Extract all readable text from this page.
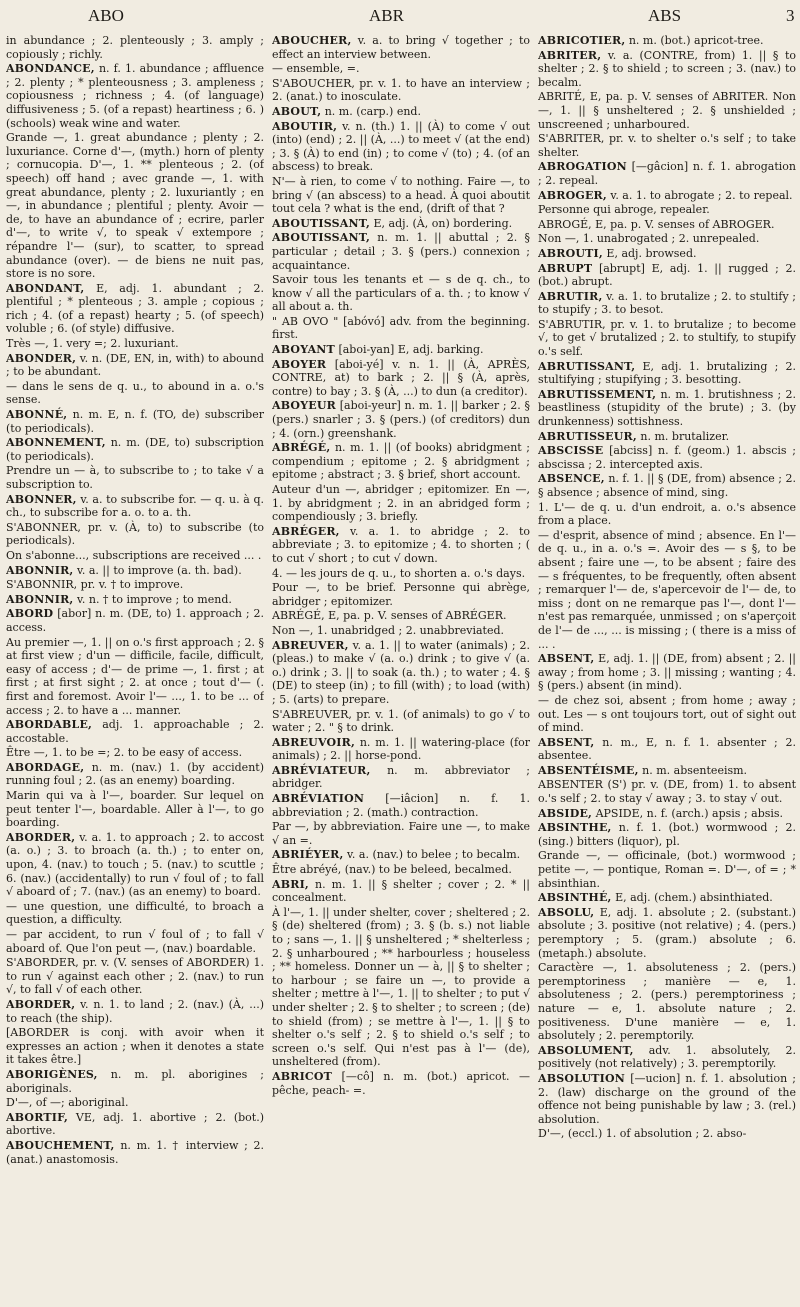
ABO	ABR	ABS	3

in abundance ; 2. plenteously ; 3. amply ; copiously ; richly.

ABONDANCE, n. f. 1. abundance ; affluence ; 2. plenty ; * plenteousness ; 3. ampleness ; copiousness ; richness ; 4. (of language) diffusiveness ; 5. (of a repast) heartiness ; 6. ) (schools) weak wine and water.

Grande —, 1. great abundance ; plenty ; 2. luxuriance. Corne d'—, (myth.) horn of plenty ; cornucopia. D'—, 1. ** plenteous ; 2. (of speech) off hand ; avec grande —, 1. with great abundance, plenty ; 2. luxuriantly ; en —, in abundance ; plentiful ; plenty. Avoir — de, to have an abundance of ; ecrire, parler d'—, to write √, to speak √ extempore ; répandre l'— (sur), to scatter, to spread abundance (over). — de biens ne nuit pas, store is no sore.

ABONDANT, E, adj. 1. abundant ; 2. plentiful ; * plenteous ; 3. ample ; copious ; rich ; 4. (of a repast) hearty ; 5. (of speech) voluble ; 6. (of style) diffusive.

Très —, 1. very =; 2. luxuriant.

ABONDER, v. n. (DE, EN, in, with) to abound ; to be abundant.

— dans le sens de q. u., to abound in a. o.'s sense.

ABONNÉ, n. m. E, n. f. (TO, de) subscriber (to periodicals).

ABONNEMENT, n. m. (DE, to) subscription (to periodicals).

Prendre un — à, to subscribe to ; to take √ a subscription to.

ABONNER, v. a. to subscribe for. — q. u. à q. ch., to subscribe for a. o. to a. th.

S'ABONNER, pr. v. (À, to) to subscribe (to periodicals).

On s'abonne..., subscriptions are received ... .

ABONNIR, v. a. || to improve (a. th. bad).

S'ABONNIR, pr. v. † to improve.

ABONNIR, v. n. † to improve ; to mend.

ABORD [abor] n. m. (DE, to) 1. approach ; 2. access.

Au premier —, 1. || on o.'s first approach ; 2. § at first view ; d'un — difficile, facile, difficult, easy of access ; d'— de prime —, 1. first ; at first ; at first sight ; 2. at once ; tout d'— (. first and foremost. Avoir l'— ..., 1. to be ... of access ; 2. to have a ... manner.

ABORDABLE, adj. 1. approachable ; 2. accostable.

Être —, 1. to be =; 2. to be easy of access.

ABORDAGE, n. m. (nav.) 1. (by accident) running foul ; 2. (as an enemy) boarding.

Marin qui va à l'—, boarder. Sur lequel on peut tenter l'—, boardable. Aller à l'—, to go boarding.

ABORDER, v. a. 1. to approach ; 2. to accost (a. o.) ; 3. to broach (a. th.) ; to enter on, upon, 4. (nav.) to touch ; 5. (nav.) to scuttle ; 6. (nav.) (accidentally) to run √ foul of ; to fall √ aboard of ; 7. (nav.) (as an enemy) to board.

— une question, une difficulté, to broach a question, a difficulty.

— par accident, to run √ foul of ; to fall √ aboard of. Que l'on peut —, (nav.) boardable.

S'ABORDER, pr. v. (V. senses of ABORDER) 1. to run √ against each other ; 2. (nav.) to run √, to fall √ of each other.

ABORDER, v. n. 1. to land ; 2. (nav.) (À, ...) to reach (the ship).

[ABORDER is conj. with avoir when it expresses an action ; when it denotes a state it takes être.]

ABORIGÈNES, n. m. pl. aborigines ; aboriginals.

D'—, of —; aboriginal.

ABORTIF, VE, adj. 1. abortive ; 2. (bot.) abortive.

ABOUCHEMENT, n. m. 1. † interview ; 2. (anat.) anastomosis.

ABOUCHER, v. a. to bring √ together ; to effect an interview between.

— ensemble, =.

S'ABOUCHER, pr. v. 1. to have an interview ; 2. (anat.) to inosculate.

ABOUT, n. m. (carp.) end.

ABOUTIR, v. n. (th.) 1. || (À) to come √ out (into) (end) ; 2. || (À, ...) to meet √ (at the end) ; 3. § (À) to end (in) ; to come √ (to) ; 4. (of an abscess) to break.

N'— à rien, to come √ to nothing. Faire —, to bring √ (an abscess) to a head. À quoi aboutit tout cela ? what is the end, (drift of that ?

ABOUTISSANT, E, adj. (À, on) bordering.

ABOUTISSANT, n. m. 1. || abuttal ; 2. § particular ; detail ; 3. § (pers.) connexion ; acquaintance.

Savoir tous les tenants et — s de q. ch., to know √ all the particulars of a. th. ; to know √ all about a. th.

" AB OVO " [abóvó] adv. from the beginning. first.

ABOYANT [aboi-yan] E, adj. barking.

ABOYER [aboi-yé] v. n. 1. || (À, APRÈS, CONTRE, at) to bark ; 2. || § (À, après, contre) to bay ; 3. § (À, ...) to dun (a creditor).

ABOYEUR [aboi-yeur] n. m. 1. || barker ; 2. § (pers.) snarler ; 3. § (pers.) (of creditors) dun ; 4. (orn.) greenshank.

ABRÉGÉ, n. m. 1. || (of books) abridgment ; compendium ; epitome ; 2. § abridgment ; epitome ; abstract ; 3. § brief, short account.

Auteur d'un —, abridger ; epitomizer. En —, 1. by abridgment ; 2. in an abridged form ; compendiously ; 3. briefly.

ABRÉGER, v. a. 1. to abridge ; 2. to abbreviate ; 3. to epitomize ; 4. to shorten ; ( to cut √ short ; to cut √ down.

4. — les jours de q. u., to shorten a. o.'s days.

Pour —, to be brief. Personne qui abrège, abridger ; epitomizer.

ABRÉGÉ, E, pa. p. V. senses of ABRÉGER.

Non —, 1. unabridged ; 2. unabbreviated.

ABREUVER, v. a. 1. || to water (animals) ; 2. (pleas.) to make √ (a. o.) drink ; to give √ (a. o.) drink ; 3. || to soak (a. th.) ; to water ; 4. § (DE) to steep (in) ; to fill (with) ; to load (with) ; 5. (arts) to prepare.

S'ABREUVER, pr. v. 1. (of animals) to go √ to water ; 2. " § to drink.

ABREUVOIR, n. m. 1. || watering-place (for animals) ; 2. || horse-pond.

ABRÉVIATEUR, n. m. abbreviator ; abridger.

ABRÉVIATION [—iâcion] n. f. 1. abbreviation ; 2. (math.) contraction.

Par —, by abbreviation. Faire une —, to make √ an =.

ABRIÉYER, v. a. (nav.) to belee ; to becalm.

Être abréyé, (nav.) to be beleed, becalmed.

ABRI, n. m. 1. || § shelter ; cover ; 2. * || concealment.

À l'—, 1. || under shelter, cover ; sheltered ; 2. § (de) sheltered (from) ; 3. § (b. s.) not liable to ; sans —, 1. || § unsheltered ; * shelterless ; 2. § unharboured ; ** harbourless ; houseless ; ** homeless. Donner un — à, || § to shelter ; to harbour ; se faire un —, to provide a shelter ; mettre à l'—, 1. || to shelter ; to put √ under shelter ; 2. § to shelter ; to screen ; (de) to shield (from) ; se mettre à l'—, 1. || § to shelter o.'s self ; 2. § to shield o.'s self ; to screen o.'s self. Qui n'est pas à l'— (de), unsheltered (from).

ABRICOT [—cô] n. m. (bot.) apricot. —pêche, peach- =.

ABRICOTIER, n. m. (bot.) apricot-tree.

ABRITER, v. a. (CONTRE, from) 1. || § to shelter ; 2. § to shield ; to screen ; 3. (nav.) to becalm.

ABRITÉ, E, pa. p. V. senses of ABRITER. Non —, 1. || § unsheltered ; 2. § unshielded ; unscreened ; unharboured.

S'ABRITER, pr. v. to shelter o.'s self ; to take shelter.

ABROGATION [—gâcion] n. f. 1. abrogation ; 2. repeal.

ABROGER, v. a. 1. to abrogate ; 2. to repeal.

Personne qui abroge, repealer.

ABROGÉ, E, pa. p. V. senses of ABROGER.

Non —, 1. unabrogated ; 2. unrepealed.

ABROUTI, E, adj. browsed.

ABRUPT [abrupt] E, adj. 1. || rugged ; 2. (bot.) abrupt.

ABRUTIR, v. a. 1. to brutalize ; 2. to stultify ; to stupify ; 3. to besot.

S'ABRUTIR, pr. v. 1. to brutalize ; to become √, to get √ brutalized ; 2. to stultify, to stupify o.'s self.

ABRUTISSANT, E, adj. 1. brutalizing ; 2. stultifying ; stupifying ; 3. besotting.

ABRUTISSEMENT, n. m. 1. brutishness ; 2. beastliness (stupidity of the brute) ; 3. (by drunkenness) sottishness.

ABRUTISSEUR, n. m. brutalizer.

ABSCISSE [abciss] n. f. (geom.) 1. abscis ; abscissa ; 2. intercepted axis.

ABSENCE, n. f. 1. || § (DE, from) absence ; 2. § absence ; absence of mind, sing.

1. L'— de q. u. d'un endroit, a. o.'s absence from a place.

— d'esprit, absence of mind ; absence. En l'— de q. u., in a. o.'s =. Avoir des — s §, to be absent ; faire une —, to be absent ; faire des — s fréquentes, to be frequently, often absent ; remarquer l'— de, s'apercevoir de l'— de, to miss ; dont on ne remarque pas l'—, dont l'— n'est pas remarquée, unmissed ; on s'aperçoit de l'— de ..., ... is missing ; ( there is a miss of ... .

ABSENT, E, adj. 1. || (DE, from) absent ; 2. || away ; from home ; 3. || missing ; wanting ; 4. § (pers.) absent (in mind).

— de chez soi, absent ; from home ; away ; out. Les — s ont toujours tort, out of sight out of mind.

ABSENT, n. m., E, n. f. 1. absenter ; 2. absentee.

ABSENTÉISME, n. m. absenteeism.

ABSENTER (S') pr. v. (DE, from) 1. to absent o.'s self ; 2. to stay √ away ; 3. to stay √ out.

ABSIDE, APSIDE, n. f. (arch.) apsis ; absis.

ABSINTHE, n. f. 1. (bot.) wormwood ; 2. (sing.) bitters (liquor), pl.

Grande —, — officinale, (bot.) wormwood ; petite —, — pontique, Roman =. D'—, of = ; * absinthian.

ABSINTHÉ, E, adj. (chem.) absinthiated.

ABSOLU, E, adj. 1. absolute ; 2. (substant.) absolute ; 3. positive (not relative) ; 4. (pers.) peremptory ; 5. (gram.) absolute ; 6. (metaph.) absolute.

Caractère —, 1. absoluteness ; 2. (pers.) peremptoriness ; manière — e, 1. absoluteness ; 2. (pers.) peremptoriness ; nature — e, 1. absolute nature ; 2. positiveness. D'une manière — e, 1. absolutely ; 2. peremptorily.

ABSOLUMENT, adv. 1. absolutely, 2. positively (not relatively) ; 3. peremptorily.

ABSOLUTION [—ucion] n. f. 1. absolution ; 2. (law) discharge on the ground of the offence not being punishable by law ; 3. (rel.) absolution.

D'—, (eccl.) 1. of absolution ; 2. abso-
